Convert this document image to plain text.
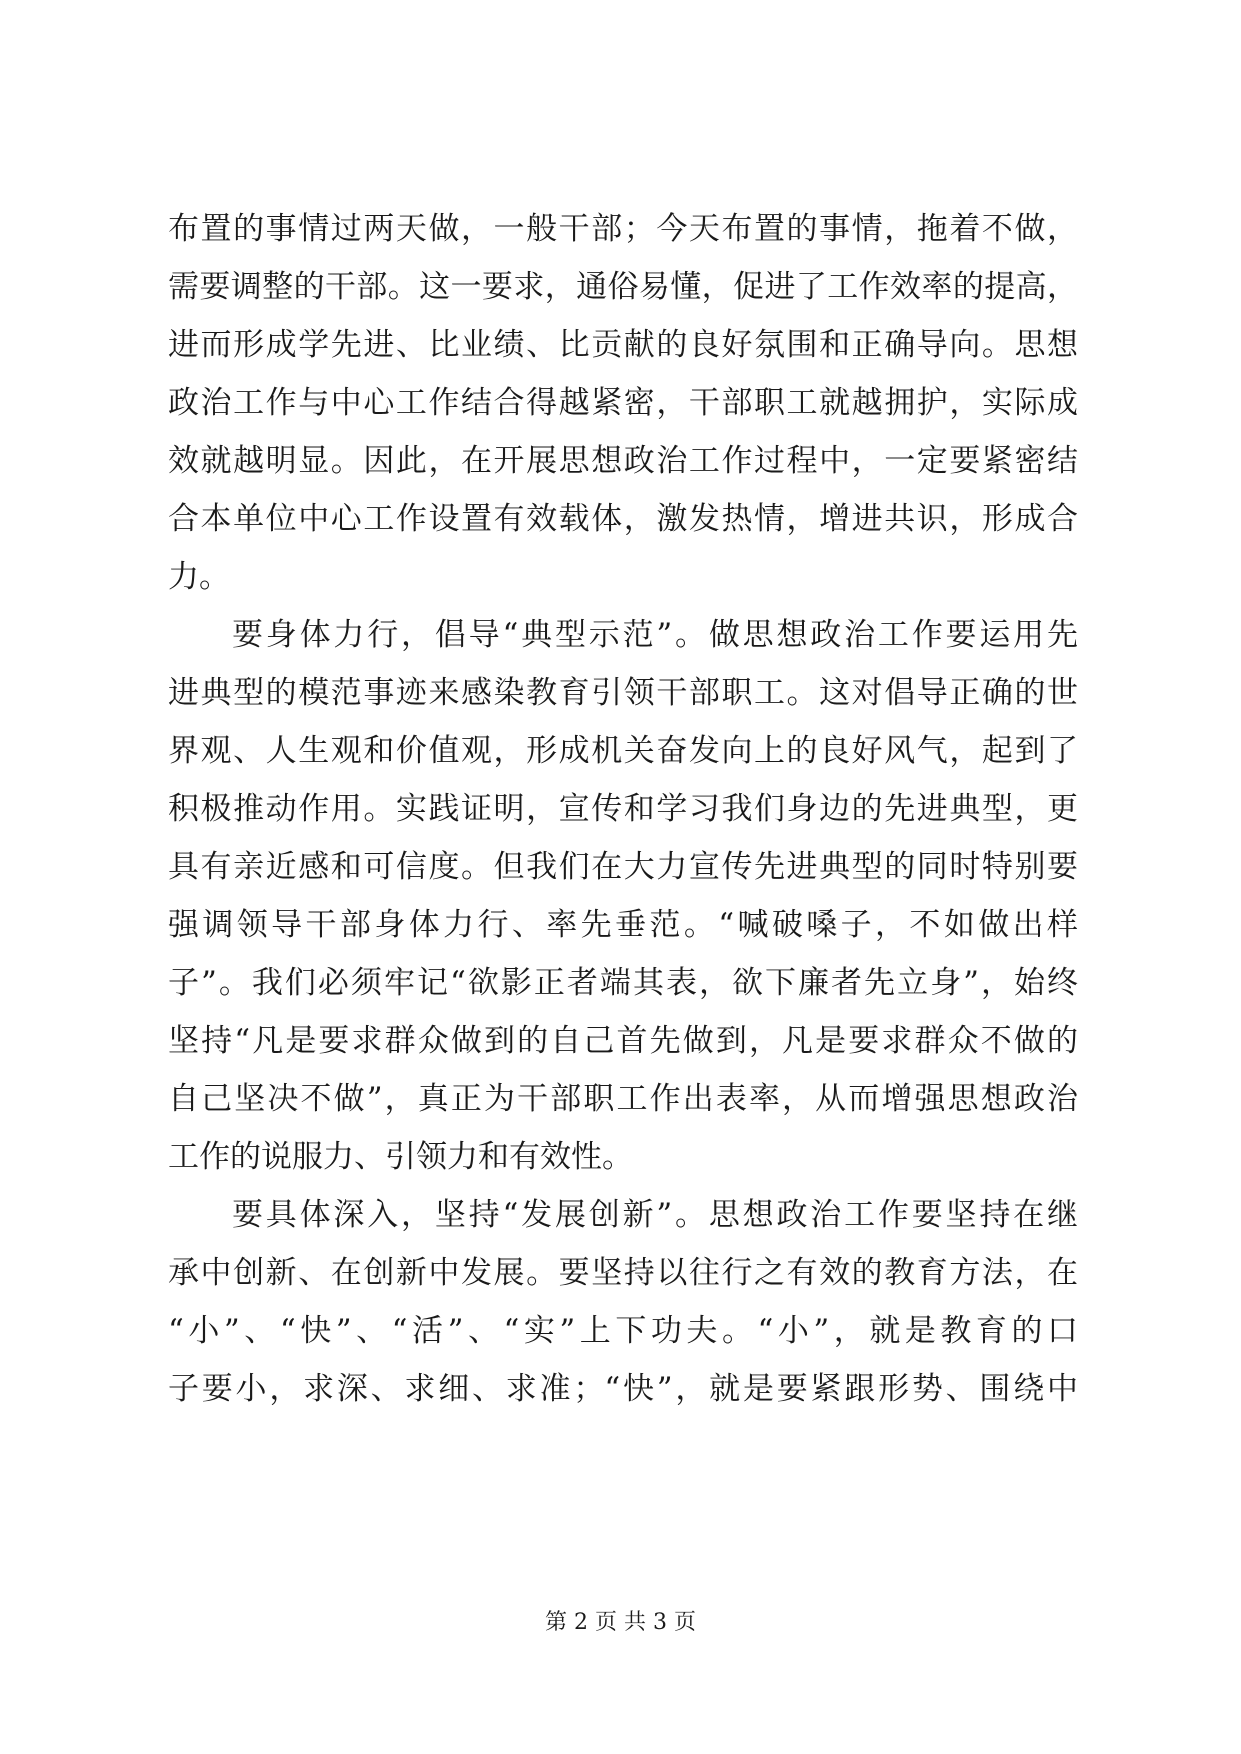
布置的事情过两天做，一般干部；今天布置的事情，拖着不做，
需要调整的干部。这一要求，通俗易懂，促进了工作效率的提高，
进而形成学先进、比业绩、比贡献的良好氛围和正确导向。思想
政治工作与中心工作结合得越紧密，干部职工就越拥护，实际成
效就越明显。因此，在开展思想政治工作过程中，一定要紧密结
合本单位中心工作设置有效载体，激发热情，增进共识，形成合
力。
要身体力行，倡导“典型示范”。做思想政治工作要运用先
进典型的模范事迹来感染教育引领干部职工。这对倡导正确的世
界观、人生观和价值观，形成机关奋发向上的良好风气，起到了
积极推动作用。实践证明，宣传和学习我们身边的先进典型，更
具有亲近感和可信度。但我们在大力宣传先进典型的同时特别要
强调领导干部身体力行、率先垂范。“喊破嗓子，不如做出样
子”。我们必须牢记“欲影正者端其表，欲下廉者先立身”，始终
坚持“凡是要求群众做到的自己首先做到，凡是要求群众不做的
自己坚决不做”，真正为干部职工作出表率，从而增强思想政治
工作的说服力、引领力和有效性。
要具体深入，坚持“发展创新”。思想政治工作要坚持在继
承中创新、在创新中发展。要坚持以往行之有效的教育方法，在
“小”、“快”、“活”、“实”上下功夫。“小”，就是教育的口
子要小，求深、求细、求准；“快”，就是要紧跟形势、围绕中
第 2 页 共 3 页
